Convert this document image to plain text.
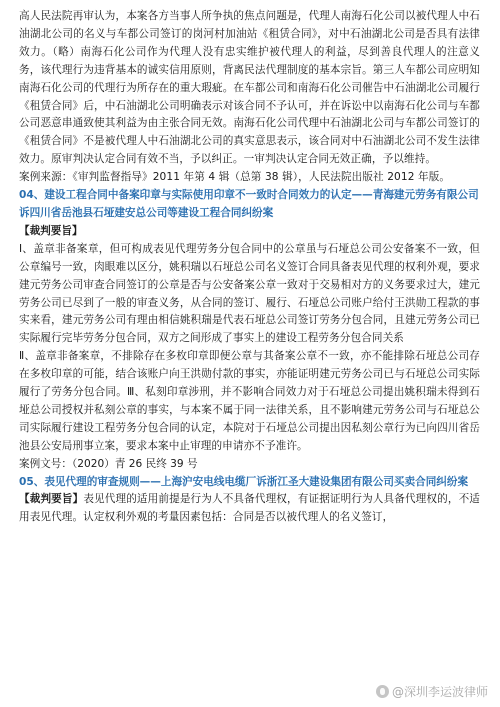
高人民法院再审认为，本案各方当事人所争执的焦点问题是，代理人南海石化公司以被代理人中石油湖北公司的名义与车都公司签订的岗河村加油站《租赁合同》，对中石油湖北公司是否具有法律效力。（略）南海石化公司作为代理人没有忠实维护被代理人的利益，尽到善良代理人的注意义务，该代理行为违背基本的诚实信用原则，背离民法代理制度的基本宗旨。第三人车都公司应明知南海石化公司的代理行为所存在的重大瑕疵。在车都公司和南海石化公司催告中石油湖北公司履行《租赁合同》后，中石油湖北公司明确表示对该合同不予认可，并在诉讼中以南海石化公司与车都公司恶意串通致使其利益为由主张合同无效。南海石化公司代理中石油湖北公司与车都公司签订的《租赁合同》不是被代理人中石油湖北公司的真实意思表示，该合同对中石油湖北公司不发生法律效力。原审判决认定合同有效不当，予以纠正。一审判决认定合同无效正确，予以维持。

案例来源：《审判监督指导》2011 年第 4 辑（总第 38 辑），人民法院出版社 2012 年版。

04、建设工程合同中备案印章与实际使用印章不一致时合同效力的认定——青海建元劳务有限公司诉四川省岳池县石垭建安总公司等建设工程合同纠纷案

【裁判要旨】

Ⅰ、盖章非备案章，但可构成表见代理劳务分包合同中的公章虽与石垭总公司公安备案不一致，但公章编号一致，肉眼难以区分，姚积瑞以石垭总公司名义签订合同具备表见代理的权利外观，要求建元劳务公司审查合同签订的公章是否与公安备案公章一致对于交易相对方的义务要求过大，建元劳务公司已尽到了一般的审查义务，从合同的签订、履行、石垭总公司账户给付王洪勋工程款的事实来看，建元劳务公司有理由相信姚积瑞是代表石垭总公司签订劳务分包合同，且建元劳务公司已实际履行完毕劳务分包合同，双方之间形成了事实上的建设工程劳务分包合同关系

Ⅱ、盖章非备案章，不排除存在多枚印章即便公章与其备案公章不一致，亦不能排除石垭总公司存在多枚印章的可能，结合该账户向王洪勋付款的事实，亦能证明建元劳务公司已与石垭总公司实际履行了劳务分包合同。Ⅲ、私刻印章涉刑，并不影响合同效力对于石垭总公司提出姚积瑞未得到石垭总公司授权并私刻公章的事实，与本案不属于同一法律关系，且不影响建元劳务公司与石垭总公司实际履行建设工程劳务分包合同的认定，本院对于石垭总公司提出因私刻公章行为已向四川省岳池县公安局刑事立案，要求本案中止审理的申请亦不予准许。

案例文号：（2020）青 26 民终 39 号

05、表见代理的审查规则——上海沪安电线电缆厂诉浙江圣大建设集团有限公司买卖合同纠纷案

【裁判要旨】表见代理的适用前提是行为人不具备代理权，有证据证明行为人具备代理权的，不适用表见代理。认定权利外观的考量因素包括：合同是否以被代理人的名义签订，

@深圳李运波律师
